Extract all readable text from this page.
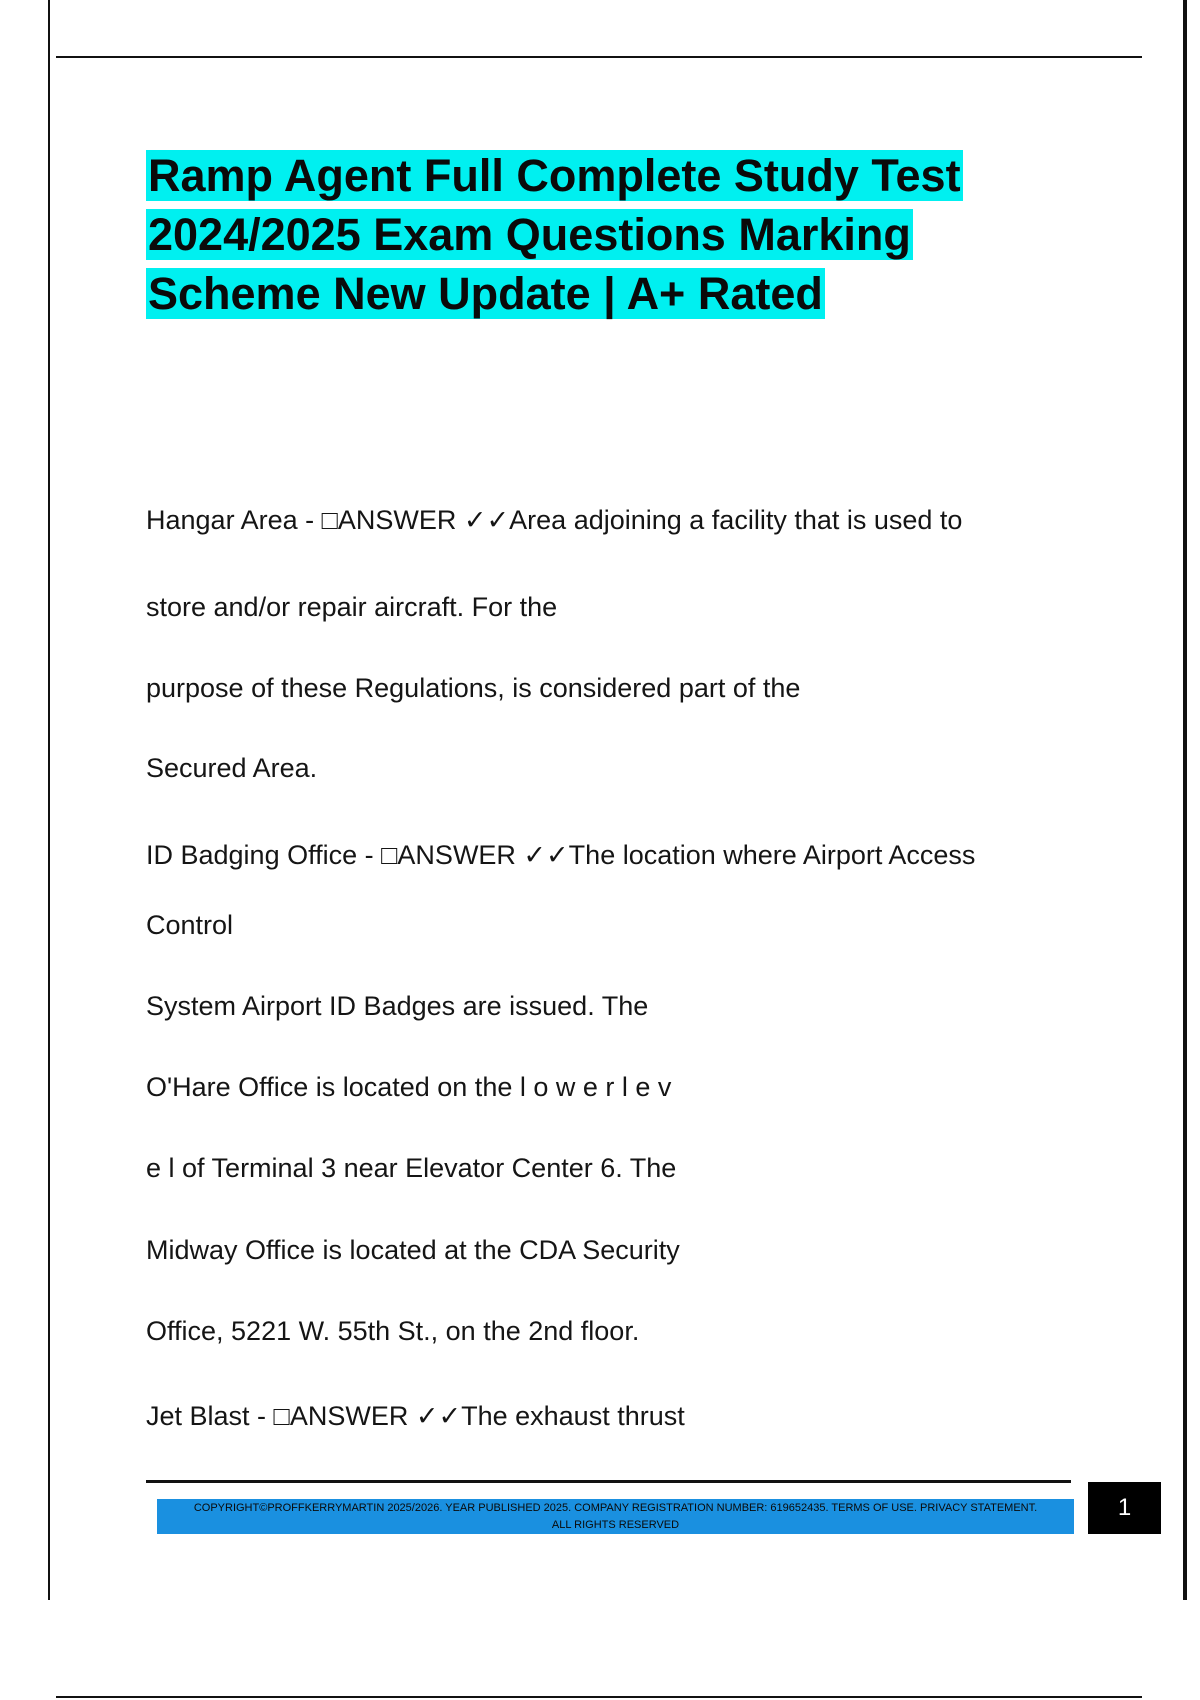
Ramp Agent Full Complete Study Test 2024/2025 Exam Questions Marking Scheme New Update | A+ Rated
Hangar Area - □ANSWER ✓✓Area adjoining a facility that is used to
store and/or repair aircraft. For the
purpose of these Regulations, is considered part of the
Secured Area.
ID Badging Office - □ANSWER ✓✓The location where Airport Access
Control
System Airport ID Badges are issued. The
O'Hare Office is located on the l o w e r l e v
e l of Terminal 3 near Elevator Center 6. The
Midway Office is located at the CDA Security
Office, 5221 W. 55th St., on the 2nd floor.
Jet Blast - □ANSWER ✓✓The exhaust thrust
COPYRIGHT©PROFFKERRYMARTIN 2025/2026. YEAR PUBLISHED 2025. COMPANY REGISTRATION NUMBER: 619652435. TERMS OF USE. PRIVACY STATEMENT.
ALL RIGHTS RESERVED
1
